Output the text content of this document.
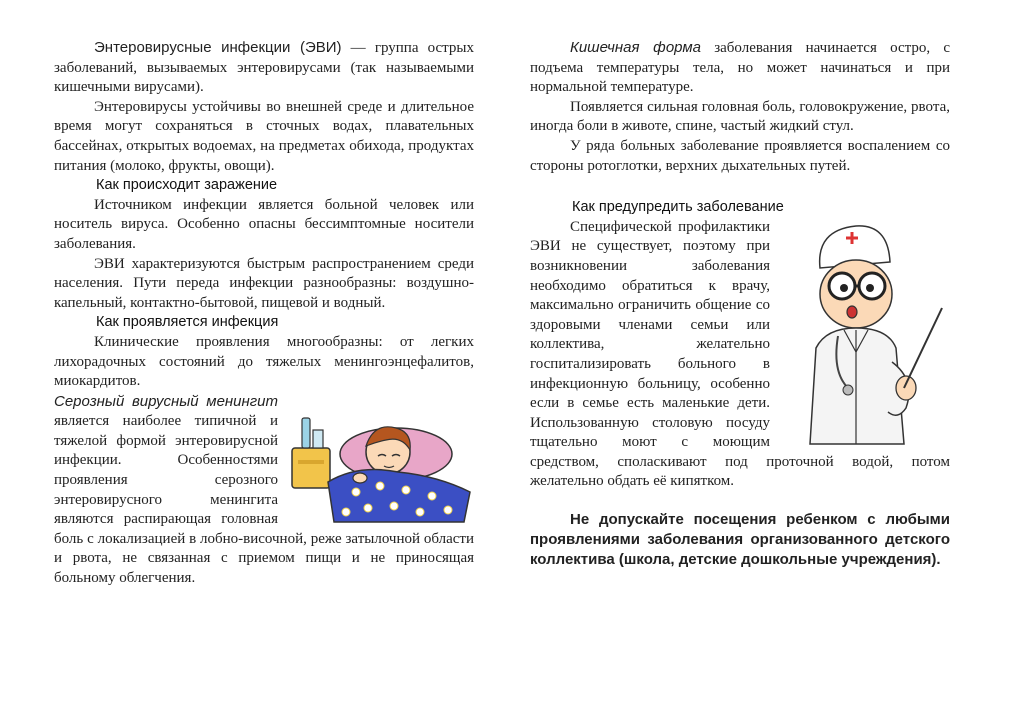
Энтеровирусные инфекции (ЭВИ) — группа острых заболеваний, вызываемых энтеровирусами (так называемыми кишечными вирусами).

Энтеровирусы устойчивы во внешней среде и длительное время могут сохраняться в сточных водах, плавательных бассейнах, открытых водоемах, на предметах обихода, продуктах питания (молоко, фрукты, овощи).

Как происходит заражение

Источником инфекции является больной человек или носитель вируса. Особенно опасны бессимптомные носители заболевания.

ЭВИ характеризуются быстрым распространением среди населения. Пути переда инфекции разнообразны: воздушно-капельный, контактно-бытовой, пищевой и водный.

Как проявляется инфекция

Клинические проявления многообразны: от легких лихорадочных состояний до тяжелых менингоэнцефалитов, миокардитов.

Серозный вирусный менингит является наиболее типичной и тяжелой формой энтеровирусной инфекции. Особенностями проявления серозного энтеровирусного менингита являются распирающая головная боль с локализацией в лобно-височной, реже затылочной области и рвота, не связанная с приемом пищи и не приносящая больному облегчения.

Кишечная форма заболевания начинается остро, с подъема температуры тела, но может начинаться и при нормальной температуре.

Появляется сильная головная боль, головокружение, рвота, иногда боли в животе, спине, частый жидкий стул.

У ряда больных заболевание проявляется воспалением со стороны ротоглотки, верхних дыхательных путей.

Как предупредить заболевание

Специфической профилактики ЭВИ не существует, поэтому при возникновении заболевания необходимо обратиться к врачу, максимально ограничить общение со здоровыми членами семьи или коллектива, желательно госпитализировать больного в инфекционную больницу, особенно если в семье есть маленькие дети. Использованную столовую посуду тщательно моют с моющим средством, споласкивают под проточной водой, потом желательно обдать её кипятком.

Не допускайте посещения ребенком с любыми проявлениями заболевания организованного детского коллектива (школа, детские дошкольные учреждения).
